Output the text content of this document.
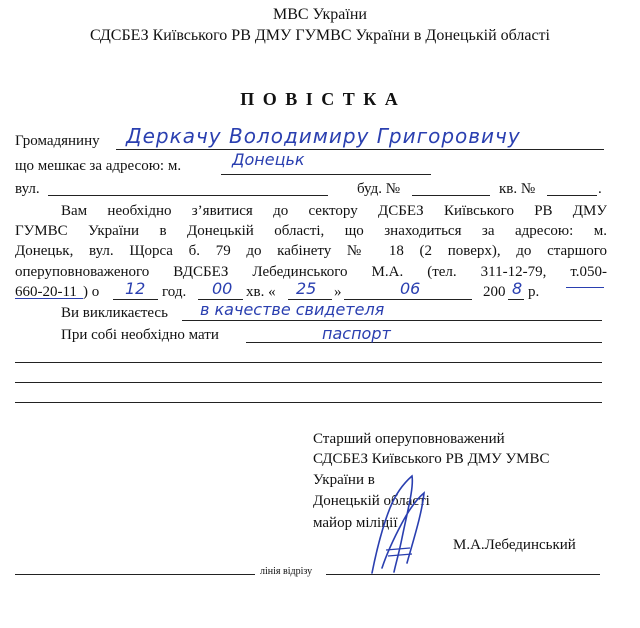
МВС України
СДСБЕЗ Київського РВ ДМУ ГУМВС України в Донецькій області
П О В І С Т К А
Громадянину Деркачу Володимиру Григоровичу
що мешкає за адресою: м.	Донецьк
вул.	буд. №	кв. №	.
Вам необхідно з’явитися до сектору ДСБЕЗ Київського РВ ДМУ
ГУМВС України в Донецькій області, що знаходиться за адресою: м.
Донецьк, вул. Щорса б. 79 до кабінету № 18 (2 поверх), до старшого
оперуповноваженого ВДСБЕЗ Лебединського М.А. (тел. 311-12-79, т.050-
660-20-11 ) о 12 год. 00 хв. « 25 »	06	200 8 р.
Ви викликаєтесь в качестве свидетеля
При собі необхідно мати	паспорт
Старший оперуповноважений
СДСБЕЗ Київського РВ ДМУ УМВС
України в
Донецькій області
майор міліції
М.А.Лебединський
лінія відрізу
